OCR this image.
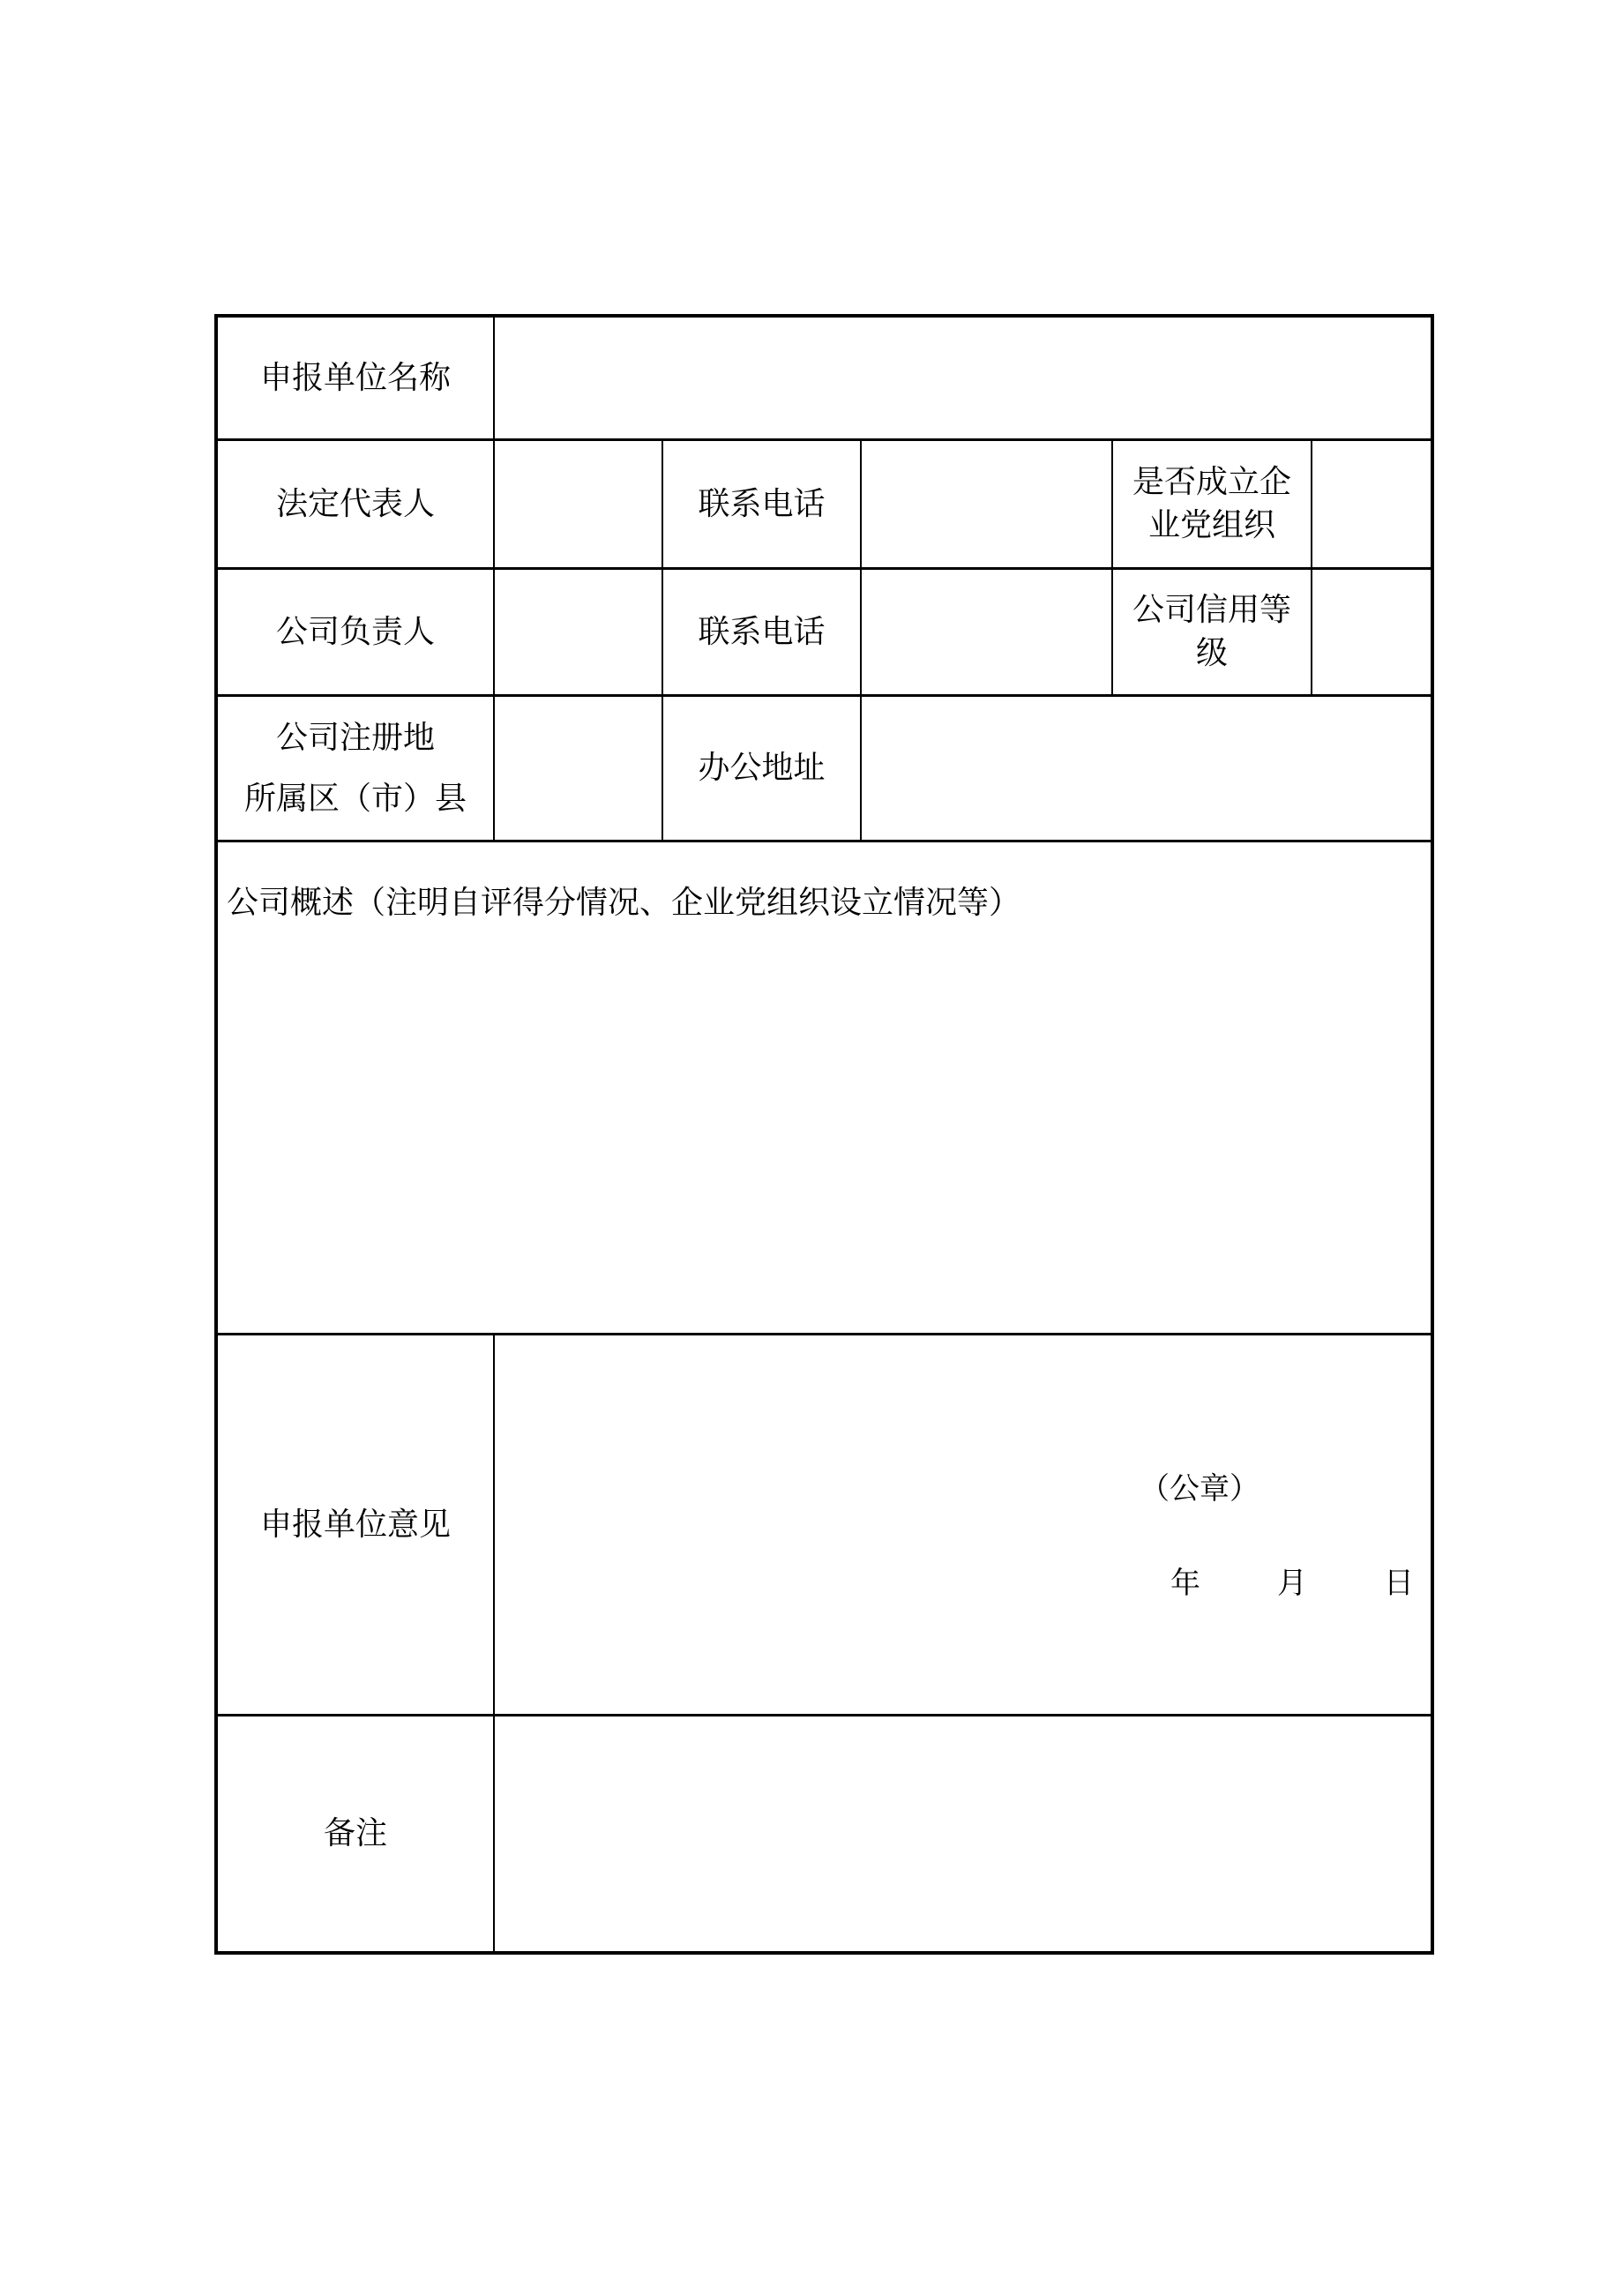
申报单位名称					
法定代表人		联系电话		是否成立企业党组织	
公司负责人		联系电话		公司信用等级	

公司注册地
所属区（市）县		办公地址			
公司概述（注明自评得分情况、企业党组织设立情况等）					
申报单位意见	（公章）
年 月 日				

备注					
